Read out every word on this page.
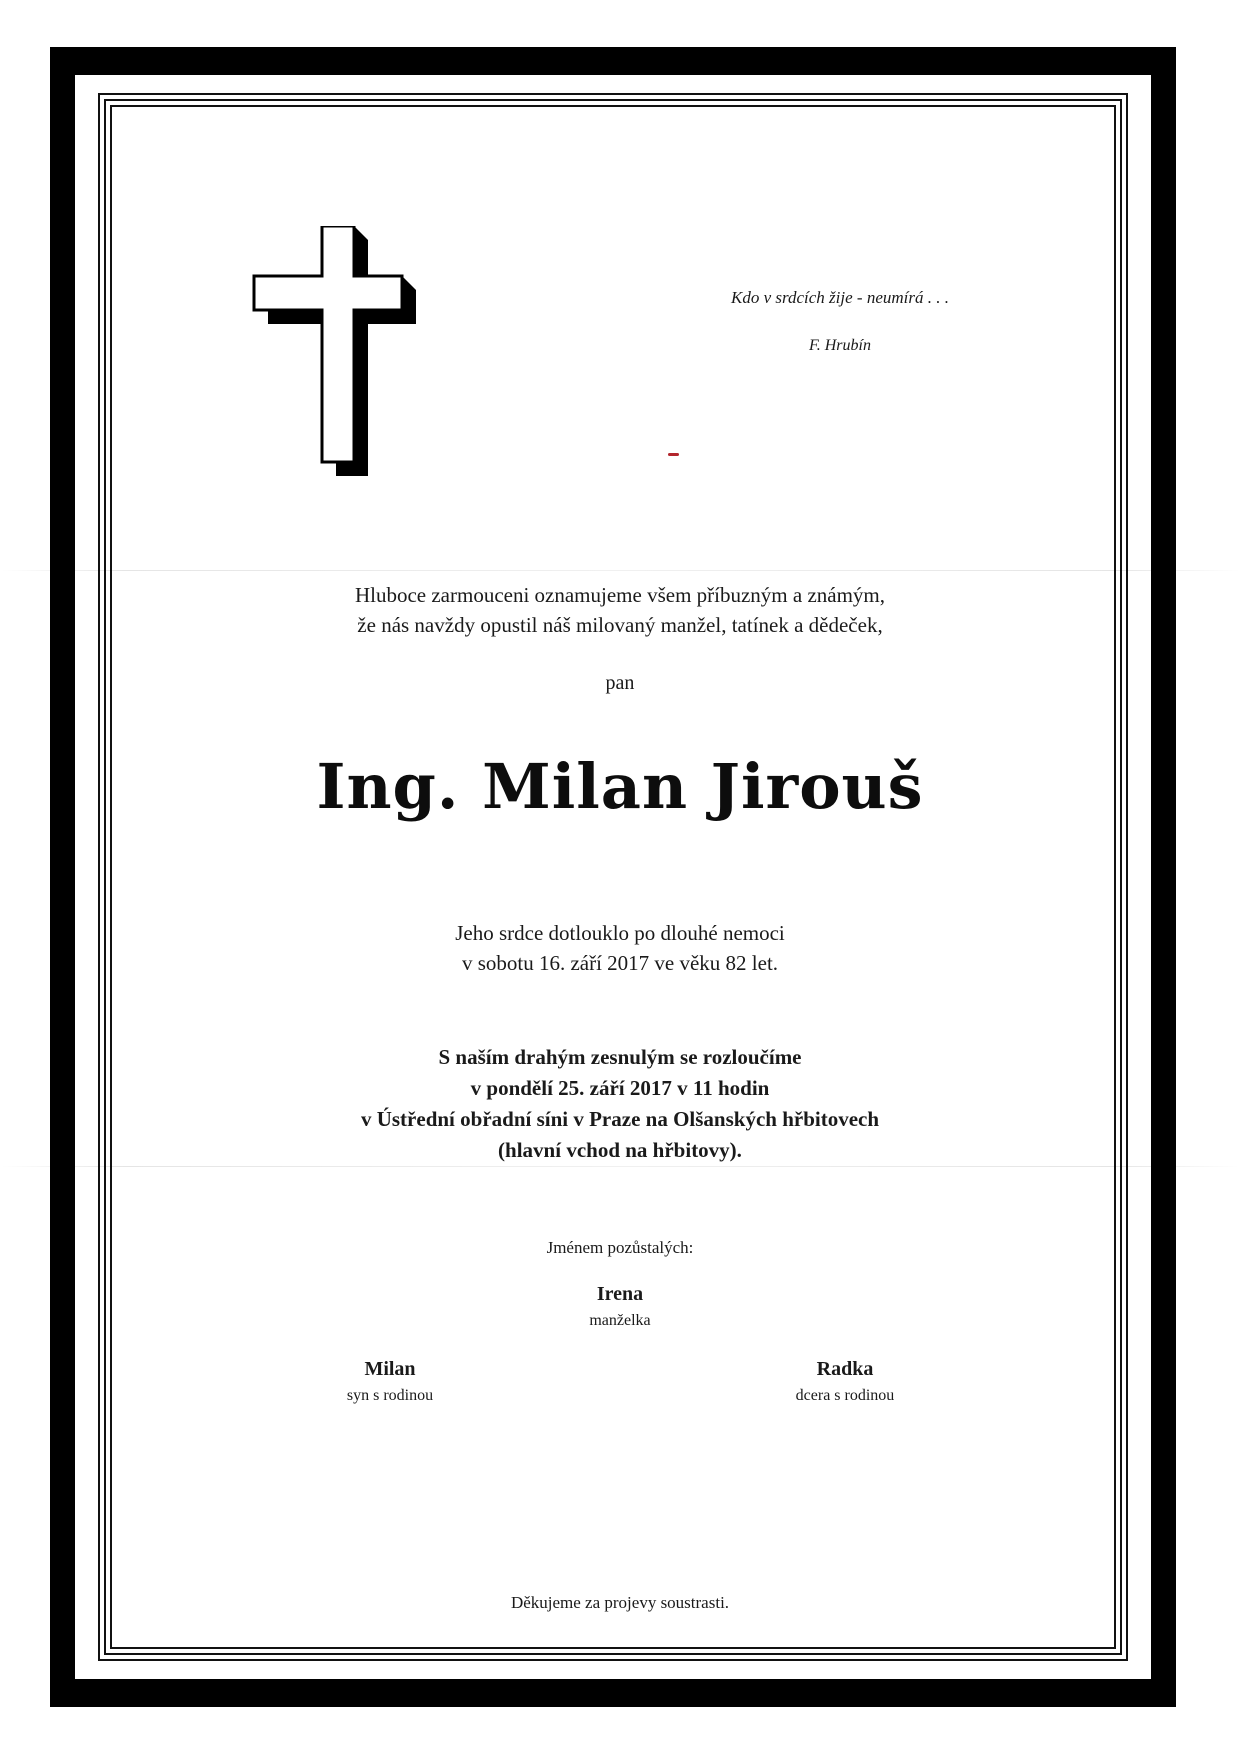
Kdo v srdcích žije - neumírá . . .
F. Hrubín
Hluboce zarmouceni oznamujeme všem příbuzným a známým,
že nás navždy opustil náš milovaný manžel, tatínek a dědeček,
pan
Ing. Milan Jirouš
Jeho srdce dotlouklo po dlouhé nemoci
v sobotu 16. září 2017 ve věku 82 let.
S naším drahým zesnulým se rozloučíme
v pondělí 25. září 2017 v 11 hodin
v Ústřední obřadní síni v Praze na Olšanských hřbitovech
(hlavní vchod na hřbitovy).
Jménem pozůstalých:
Irena
manželka
Milan
syn s rodinou
Radka
dcera s rodinou
Děkujeme za projevy soustrasti.
